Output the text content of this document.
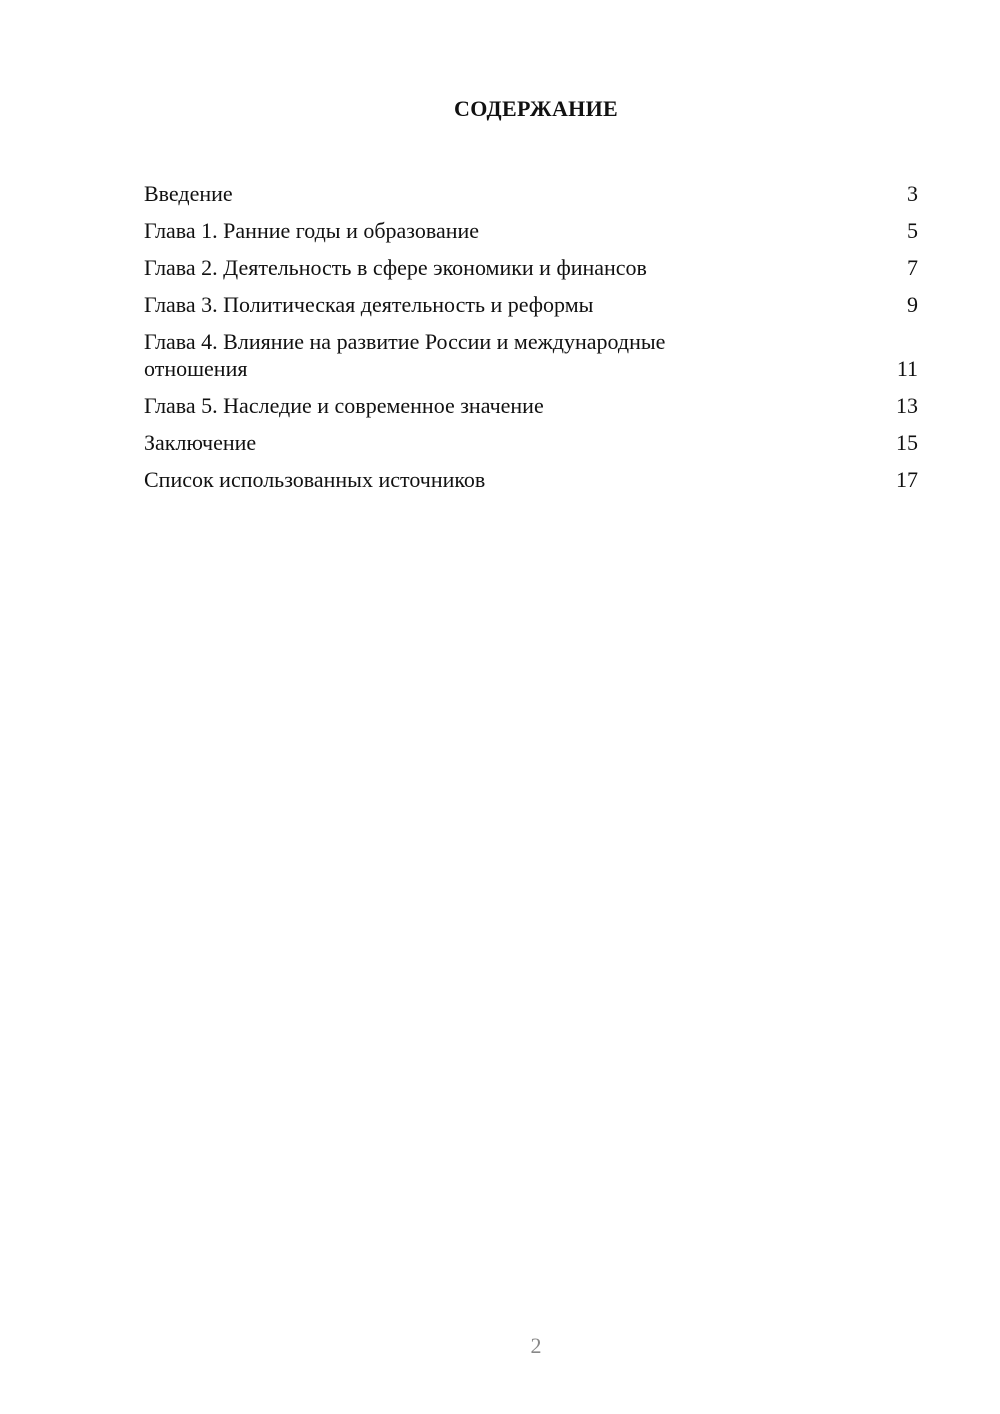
СОДЕРЖАНИЕ
Введение	3
Глава 1. Ранние годы и образование	5
Глава 2. Деятельность в сфере экономики и финансов	7
Глава 3. Политическая деятельность и реформы	9
Глава 4. Влияние на развитие России и международные отношения	11
Глава 5. Наследие и современное значение	13
Заключение	15
Список использованных источников	17
2
